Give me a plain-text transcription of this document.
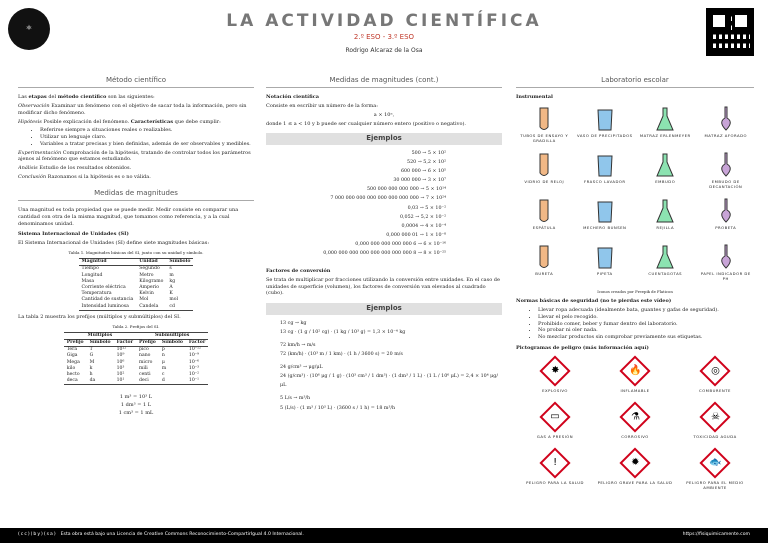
⚛	LA ACTIVIDAD CIENTÍFICA
2.º ESO - 3.º ESO
Rodrigo Alcaraz de la Osa
Método científico

Las etapas del método científico son las siguientes:

Observación Examinar un fenómeno con el objetivo de sacar toda la información, pero sin modificar dicho fenómeno.

Hipótesis Posible explicación del fenómeno. Características que debe cumplir:

• Referirse siempre a situaciones reales o realizables.
• Utilizar un lenguaje claro.
• Variables a tratar precisas y bien definidas, además de ser observables y medibles.

Experimentación Comprobación de la hipótesis, tratando de controlar todos los parámetros ajenos al fenómeno que estamos estudiando.

Análisis Estudio de los resultados obtenidos.

Conclusión Razonamos si la hipótesis es o no válida.

Medidas de magnitudes

Una magnitud es toda propiedad que se puede medir. Medir consiste en comparar una cantidad con otra de la misma magnitud, que tomamos como referencia, y a la cual denominamos unidad.

Sistema Internacional de Unidades (SI)

El Sistema Internacional de Unidades (SI) define siete magnitudes básicas:

Tabla 1. Magnitudes básicas del SI, junto con su unidad y símbolo.
Magnitud	Unidad	Símbolo
Tiempo	Segundo	s
Longitud	Metro	m
Masa	Kilogramo	kg
Corriente eléctrica	Amperio	A
Temperatura	Kelvin	K
Cantidad de sustancia	Mol	mol
Intensidad luminosa	Candela	cd

La tabla 2 muestra los prefijos (múltiplos y submúltiplos) del SI.

Tabla 2. Prefijos del SI.
Múltiplos			Submúltiplos		
Prefijo	Símbolo	Factor	Prefijo	Símbolo	Factor
Tera	T	10¹²	pico	p	10⁻¹²
Giga	G	10⁹	nano	n	10⁻⁹
Mega	M	10⁶	micro	μ	10⁻⁶
kilo	k	10³	mili	m	10⁻³
hecto	h	10²	centi	c	10⁻²
deca	da	10¹	deci	d	10⁻¹
1 m³ = 10³ L
1 dm³ = 1 L
1 cm³ = 1 mL
Medidas de magnitudes (cont.)
Notación científica

Consiste en escribir un número de la forma:

a × 10ⁿ,

donde 1 ≤ a < 10 y b puede ser cualquier número entero (positivo o negativo).

Ejemplos
500 → 5 × 10²
520 → 5,2 × 10²
600 000 → 6 × 10⁵
30 000 000 → 3 × 10⁷
500 000 000 000 000 → 5 × 10¹⁴
7 000 000 000 000 000 000 000 000 → 7 × 10²⁴
0,03 → 5 × 10⁻²
0,052 → 5,2 × 10⁻²
0,0004 → 4 × 10⁻⁴
0,000 000 01 → 1 × 10⁻⁸
0,000 000 000 000 000 6 → 6 × 10⁻¹⁶
0,000 000 000 000 000 000 000 000 8 → 8 × 10⁻²⁵
Factores de conversión

Se trata de multiplicar por fracciones utilizando la conversión entre unidades. En el caso de unidades de superficie (volumen), los factores de conversión van elevados al cuadrado (cubo).

Ejemplos
13 cg → kg
13 cg · (1 g / 10² cg) · (1 kg / 10³ g) = 1,3 × 10⁻⁴ kg
72 km/h → m/s
72 (km/h) · (10³ m / 1 km) · (1 h / 3600 s) = 20 m/s
24 g/cm³ → μg/μL
24 (g/cm³) · (10⁶ μg / 1 g) · (10³ cm³ / 1 dm³) · (1 dm³ / 1 L) · (1 L / 10⁶ μL) = 2,4 × 10⁴ μg/μL
5 L/s → m³/h
5 (L/s) · (1 m³ / 10³ L) · (3600 s / 1 h) = 18 m³/h
Laboratorio escolar
Instrumental
TUBOS DE ENSAYO Y GRADILLA
VASO DE PRECIPITADOS MATRAZ ERLENMEYER	MATRAZ AFORADO
VIDRIO DE RELOJ	FRASCO LAVADOR	EMBUDO	EMBUDO DE DECANTACIÓN
ESPÁTULA	MECHERO BUNSEN	REJILLA	PROBETA
BURETA	PIPETA	CUENTAGOTAS	PAPEL INDICADOR DE PH
Iconos creados por Freepik de Flaticon
Normas básicas de seguridad (no te pierdas este vídeo)
• Llevar ropa adecuada (idealmente bata, guantes y gafas de seguridad).
• Llevar el pelo recogido.
• Prohibido comer, beber y fumar dentro del laboratorio.
• No probar ni oler nada.
• No mezclar productos sin comprobar previamente sus etiquetas.
Pictogramas de peligro (más información aquí)
✸
EXPLOSIVO
🔥
INFLAMABLE
◎
COMBURENTE
▭
GAS A PRESIÓN
⚗
CORROSIVO
☠
TOXICIDAD AGUDA
!
PELIGRO PARA LA SALUD
✹
PELIGRO GRAVE PARA LA SALUD
🐟
PELIGRO PARA EL MEDIO AMBIENTE
(cc)(by)(sa) Esta obra está bajo una Licencia de Creative Commons Reconocimiento-CompartirIgual 4.0 Internacional.	https://fisiquimicamente.com
